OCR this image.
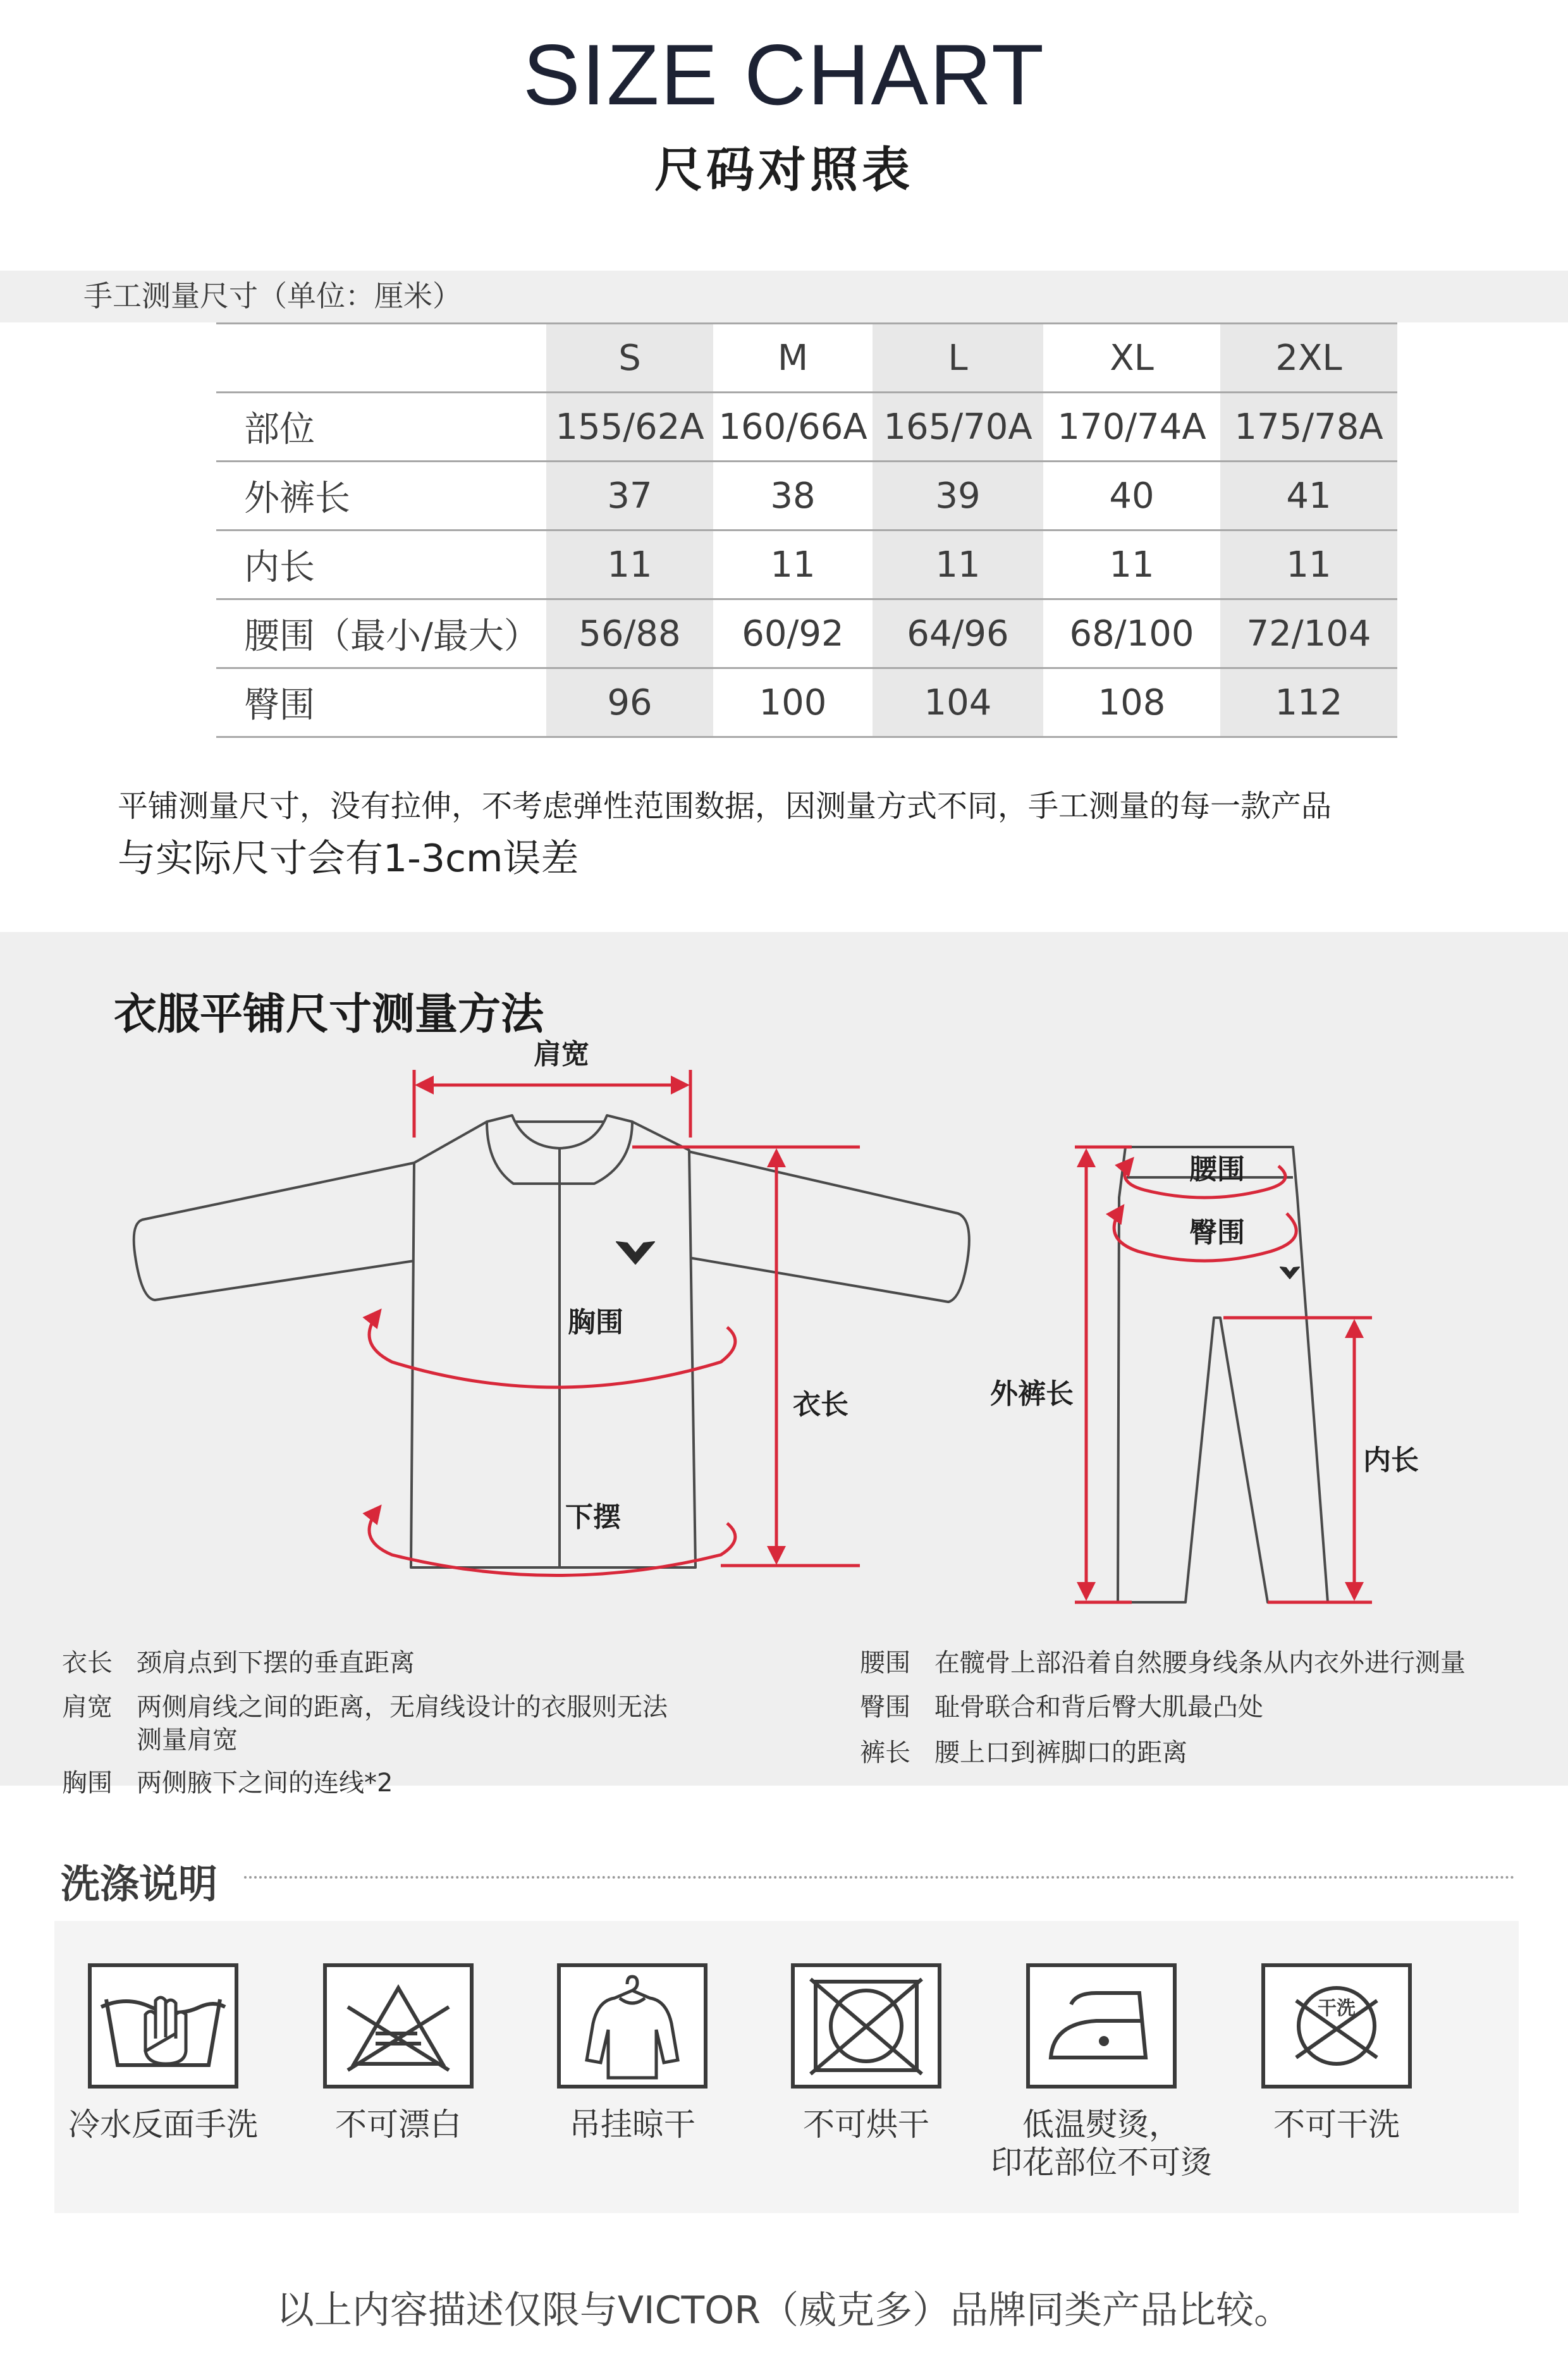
SIZE CHART
尺码对照表
手工测量尺寸（单位：厘米）
	S	M	L	XL	2XL
部位	155/62A	160/66A	165/70A	170/74A	175/78A
外裤长	37	38	39	40	41
内长	11	11	11	11	11
腰围（最小/最大）	56/88	60/92	64/96	68/100	72/104
臀围	96	100	104	108	112
平铺测量尺寸，没有拉伸，不考虑弹性范围数据，因测量方式不同，手工测量的每一款产品
与实际尺寸会有1-3cm误差
衣服平铺尺寸测量方法
肩宽
胸围
衣长
下摆
腰围
臀围
外裤长
内长
衣长 颈肩点到下摆的垂直距离
肩宽 两侧肩线之间的距离，无肩线设计的衣服则无法
测量肩宽
胸围 两侧腋下之间的连线*2
腰围 在髋骨上部沿着自然腰身线条从内衣外进行测量
臀围 耻骨联合和背后臀大肌最凸处
裤长 腰上口到裤脚口的距离
洗涤说明
冷水反面手洗	不可漂白	吊挂晾干	不可烘干	低温熨烫，
印花部位不可烫
干洗
不可干洗
以上内容描述仅限与VICTOR（威克多）品牌同类产品比较。
